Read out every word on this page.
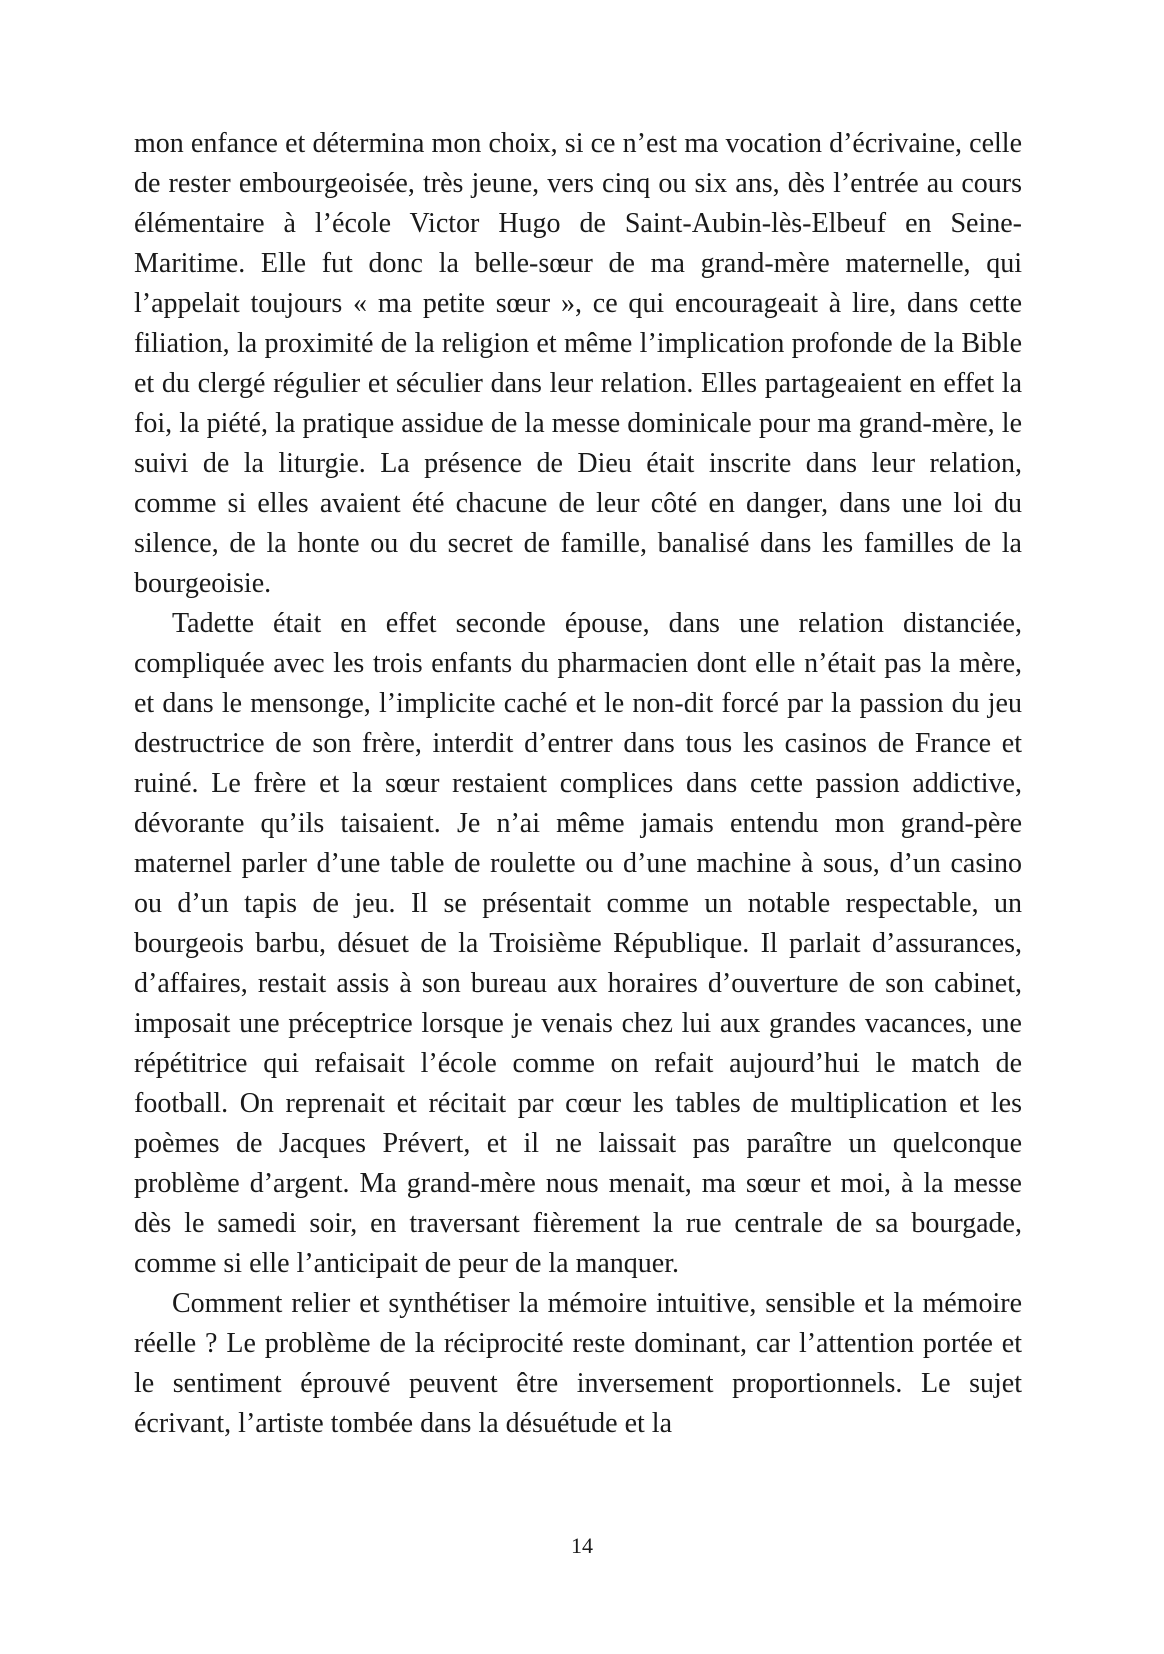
mon enfance et détermina mon choix, si ce n’est ma vocation d’écrivaine, celle de rester embourgeoisée, très jeune, vers cinq ou six ans, dès l’entrée au cours élémentaire à l’école Victor Hugo de Saint-Aubin-lès-Elbeuf en Seine-Maritime. Elle fut donc la belle-sœur de ma grand-mère maternelle, qui l’appelait toujours « ma petite sœur », ce qui encourageait à lire, dans cette filiation, la proximité de la religion et même l’implication profonde de la Bible et du clergé régulier et séculier dans leur relation. Elles partageaient en effet la foi, la piété, la pratique assidue de la messe dominicale pour ma grand-mère, le suivi de la liturgie. La présence de Dieu était inscrite dans leur relation, comme si elles avaient été chacune de leur côté en danger, dans une loi du silence, de la honte ou du secret de famille, banalisé dans les familles de la bourgeoisie.

Tadette était en effet seconde épouse, dans une relation distanciée, compliquée avec les trois enfants du pharmacien dont elle n’était pas la mère, et dans le mensonge, l’implicite caché et le non-dit forcé par la passion du jeu destructrice de son frère, interdit d’entrer dans tous les casinos de France et ruiné. Le frère et la sœur restaient complices dans cette passion addictive, dévorante qu’ils taisaient. Je n’ai même jamais entendu mon grand-père maternel parler d’une table de roulette ou d’une machine à sous, d’un casino ou d’un tapis de jeu. Il se présentait comme un notable respectable, un bourgeois barbu, désuet de la Troisième République. Il parlait d’assurances, d’affaires, restait assis à son bureau aux horaires d’ouverture de son cabinet, imposait une préceptrice lorsque je venais chez lui aux grandes vacances, une répétitrice qui refaisait l’école comme on refait aujourd’hui le match de football. On reprenait et récitait par cœur les tables de multiplication et les poèmes de Jacques Prévert, et il ne laissait pas paraître un quelconque problème d’argent. Ma grand-mère nous menait, ma sœur et moi, à la messe dès le samedi soir, en traversant fièrement la rue centrale de sa bourgade, comme si elle l’anticipait de peur de la manquer.

Comment relier et synthétiser la mémoire intuitive, sensible et la mémoire réelle ? Le problème de la réciprocité reste dominant, car l’attention portée et le sentiment éprouvé peuvent être inversement proportionnels. Le sujet écrivant, l’artiste tombée dans la désuétude et la

14
